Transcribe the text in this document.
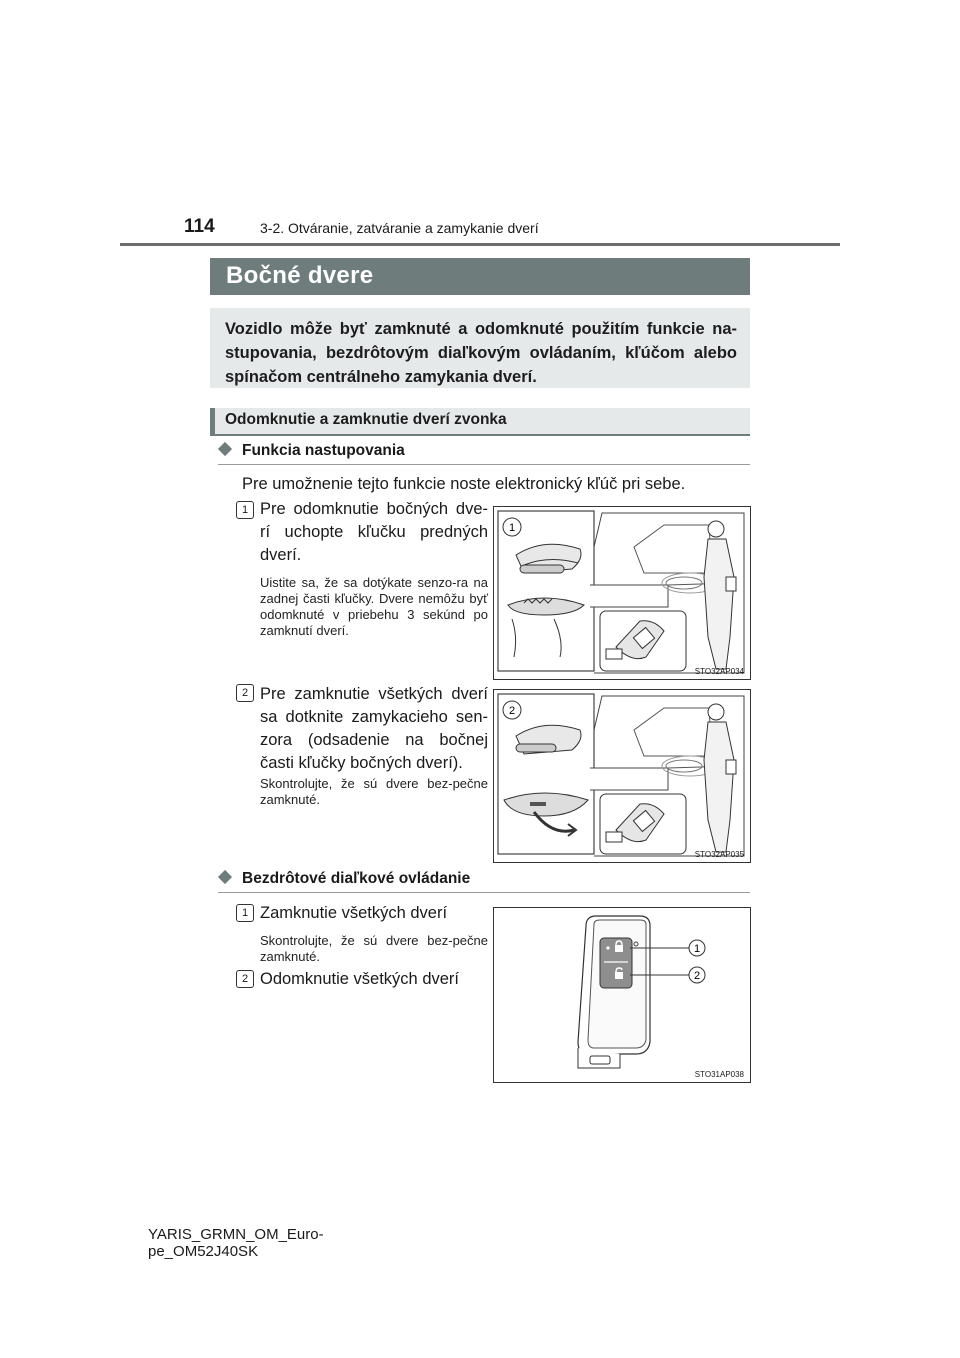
114	3-2. Otváranie, zatváranie a zamykanie dverí
Bočné dvere

Vozidlo môže byť zamknuté a odomknuté použitím funkcie na-stupovania, bezdrôtovým diaľkovým ovládaním, kľúčom alebo spínačom centrálneho zamykania dverí.

Odomknutie a zamknutie dverí zvonka
Funkcia nastupovania
Pre umožnenie tejto funkcie noste elektronický kľúč pri sebe.
1 Pre odomknutie bočných dve-rí uchopte kľučku predných dverí.
Uistite sa, že sa dotýkate senzo-ra na zadnej časti kľučky. Dvere nemôžu byť odomknuté v priebehu 3 sekúnd po zamknutí dverí.
1
STO32AP034
2 Pre zamknutie všetkých dverí sa dotknite zamykacieho sen-zora (odsadenie na bočnej časti kľučky bočných dverí).
Skontrolujte, že sú dvere bez-pečne zamknuté.
2
STO32AP035
Bezdrôtové diaľkové ovládanie
1 Zamknutie všetkých dverí
Skontrolujte, že sú dvere bez-pečne zamknuté.
2 Odomknutie všetkých dverí
1
2
STO31AP038
YARIS_GRMN_OM_Euro-
pe_OM52J40SK
